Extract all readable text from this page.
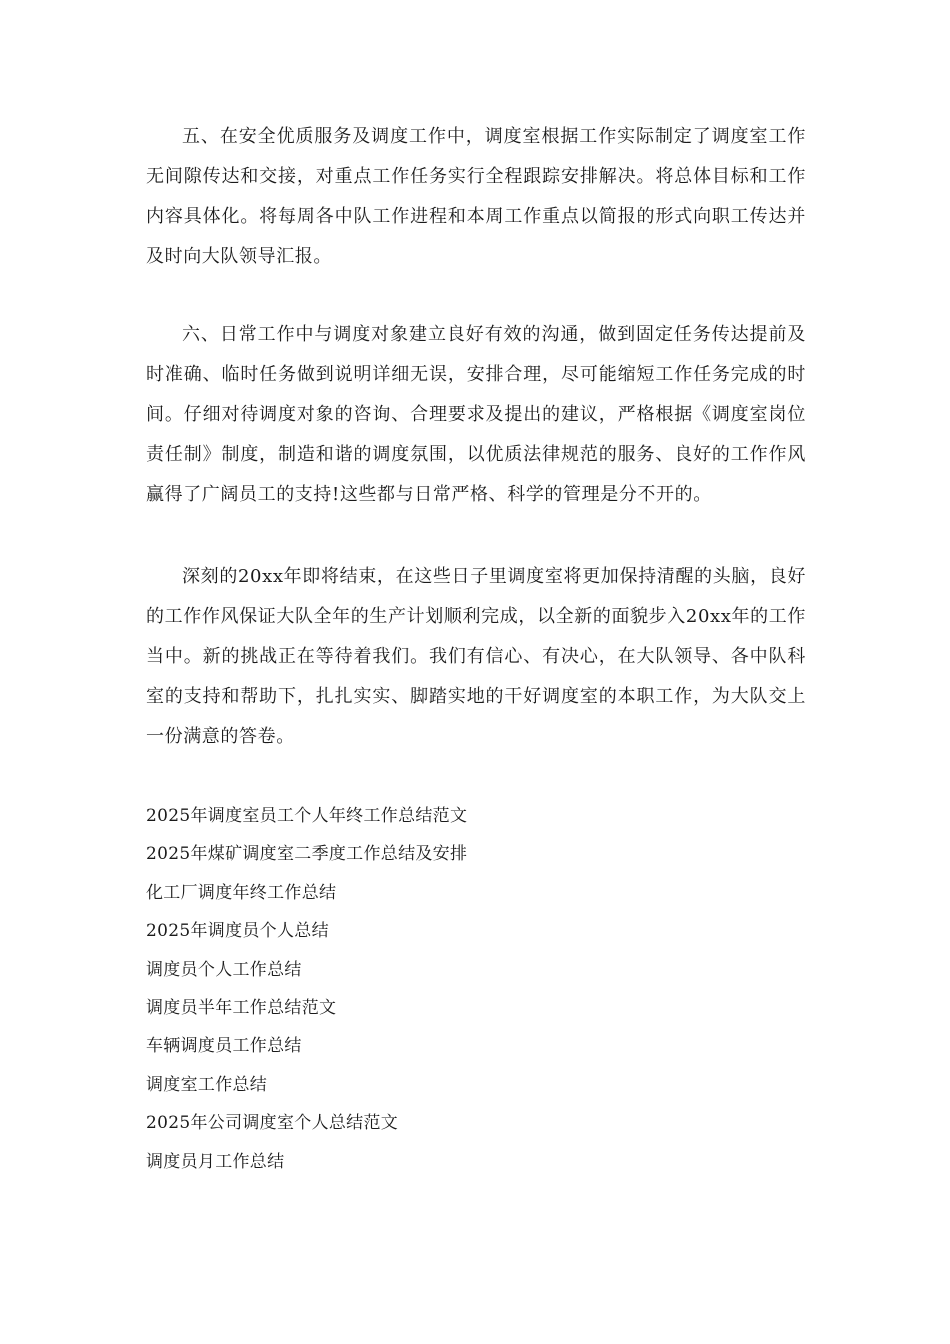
五、在安全优质服务及调度工作中，调度室根据工作实际制定了调度室工作无间隙传达和交接，对重点工作任务实行全程跟踪安排解决。将总体目标和工作内容具体化。将每周各中队工作进程和本周工作重点以简报的形式向职工传达并及时向大队领导汇报。

六、日常工作中与调度对象建立良好有效的沟通，做到固定任务传达提前及时准确、临时任务做到说明详细无误，安排合理，尽可能缩短工作任务完成的时间。仔细对待调度对象的咨询、合理要求及提出的建议，严格根据《调度室岗位责任制》制度，制造和谐的调度氛围，以优质法律规范的服务、良好的工作作风赢得了广阔员工的支持!这些都与日常严格、科学的管理是分不开的。

深刻的20xx年即将结束，在这些日子里调度室将更加保持清醒的头脑，良好的工作作风保证大队全年的生产计划顺利完成，以全新的面貌步入20xx年的工作当中。新的挑战正在等待着我们。我们有信心、有决心，在大队领导、各中队科室的支持和帮助下，扎扎实实、脚踏实地的干好调度室的本职工作，为大队交上一份满意的答卷。

2025年调度室员工个人年终工作总结范文
2025年煤矿调度室二季度工作总结及安排
化工厂调度年终工作总结
2025年调度员个人总结
调度员个人工作总结
调度员半年工作总结范文
车辆调度员工作总结
调度室工作总结
2025年公司调度室个人总结范文
调度员月工作总结
